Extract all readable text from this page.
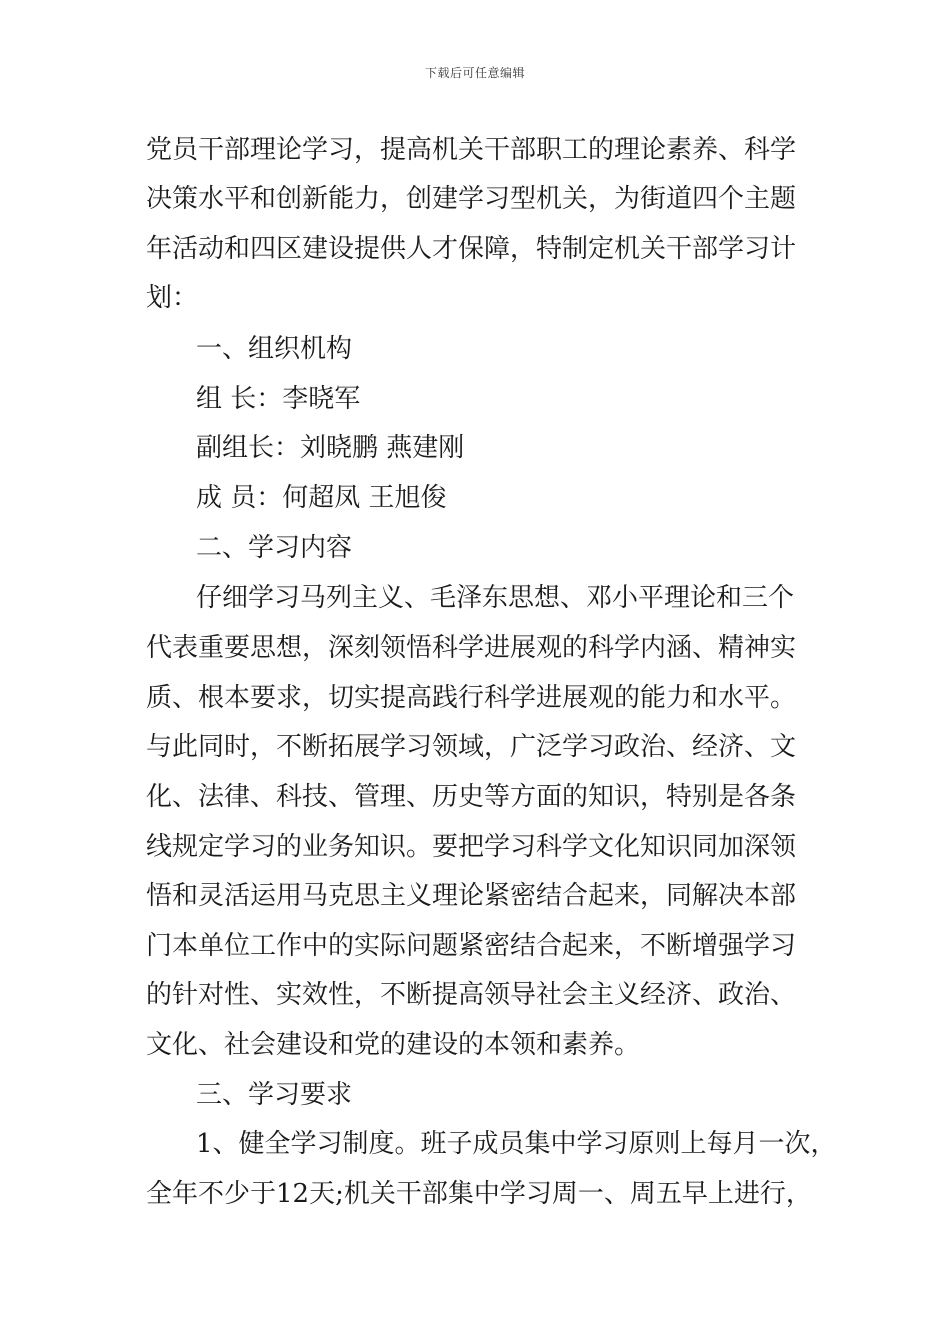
下载后可任意编辑
党员干部理论学习，提高机关干部职工的理论素养、科学
决策水平和创新能力，创建学习型机关，为街道四个主题
年活动和四区建设提供人才保障，特制定机关干部学习计
划：
一、组织机构
组 长：李晓军
副组长：刘晓鹏 燕建刚
成 员：何超凤 王旭俊
二、学习内容
仔细学习马列主义、毛泽东思想、邓小平理论和三个
代表重要思想，深刻领悟科学进展观的科学内涵、精神实
质、根本要求，切实提高践行科学进展观的能力和水平。
与此同时，不断拓展学习领域，广泛学习政治、经济、文
化、法律、科技、管理、历史等方面的知识，特别是各条
线规定学习的业务知识。要把学习科学文化知识同加深领
悟和灵活运用马克思主义理论紧密结合起来，同解决本部
门本单位工作中的实际问题紧密结合起来，不断增强学习
的针对性、实效性，不断提高领导社会主义经济、政治、
文化、社会建设和党的建设的本领和素养。
三、学习要求
1、健全学习制度。班子成员集中学习原则上每月一次，
全年不少于12天;机关干部集中学习周一、周五早上进行，
